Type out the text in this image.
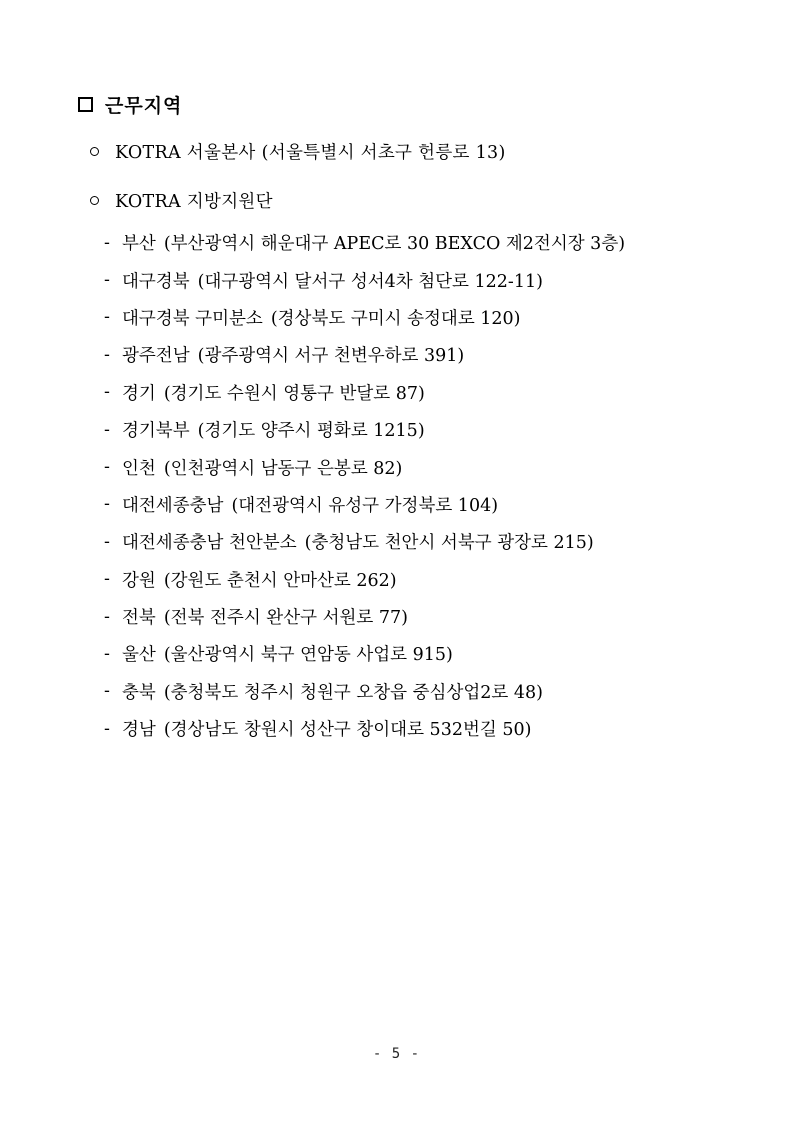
근무지역
KOTRA 서울본사 (서울특별시 서초구 헌릉로 13)
KOTRA 지방지원단
- 부산 (부산광역시 해운대구 APEC로 30 BEXCO 제2전시장 3층)
- 대구경북 (대구광역시 달서구 성서4차 첨단로 122-11)
- 대구경북 구미분소 (경상북도 구미시 송정대로 120)
- 광주전남 (광주광역시 서구 천변우하로 391)
- 경기 (경기도 수원시 영통구 반달로 87)
- 경기북부 (경기도 양주시 평화로 1215)
- 인천 (인천광역시 남동구 은봉로 82)
- 대전세종충남 (대전광역시 유성구 가정북로 104)
- 대전세종충남 천안분소 (충청남도 천안시 서북구 광장로 215)
- 강원 (강원도 춘천시 안마산로 262)
- 전북 (전북 전주시 완산구 서원로 77)
- 울산 (울산광역시 북구 연암동 사업로 915)
- 충북 (충청북도 청주시 청원구 오창읍 중심상업2로 48)
- 경남 (경상남도 창원시 성산구 창이대로 532번길 50)
- 5 -
